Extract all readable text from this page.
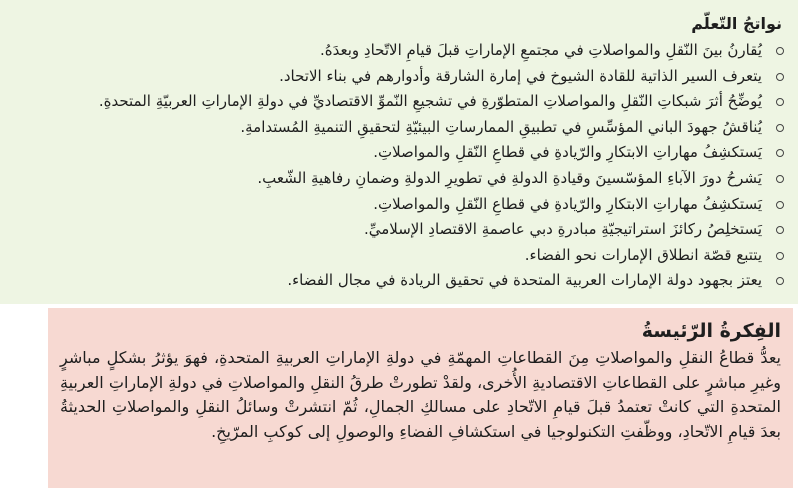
نواتجُ التّعلّم
يُقارنُ بينَ النّقلِ والمواصلاتِ في مجتمعِ الإماراتِ قبلَ قيامِ الاتّحادِ وبعدَهُ.
يتعرف السير الذاتية للقادة الشيوخ في إمارة الشارقة وأدوارهم في بناء الاتحاد.
يُوضِّحُ أثرَ شبكاتِ النّقلِ والمواصلاتِ المتطوّرةِ في تشجيعِ النّموِّ الاقتصاديِّ في دولةِ الإماراتِ العربيّةِ المتحدةِ.
يُناقشُ جهودَ الباني المؤسِّسِ في تطبيقِ الممارساتِ البيئيّةِ لتحقيقِ التنميةِ المُستدامةِ.
يَستكشِفُ مهاراتِ الابتكارِ والرّيادةِ في قطاعِ النّقلِ والمواصلاتِ.
يَشرحُ دورَ الآباءِ المؤسّسينَ وقيادةِ الدولةِ في تطويرِ الدولةِ وضمانِ رفاهيةِ الشّعبِ.
يَستكشِفُ مهاراتِ الابتكارِ والرّيادةِ في قطاعِ النّقلِ والمواصلاتِ.
يَستخلِصُ ركائزَ استراتيجيّةِ مبادرةِ دبي عاصمةِ الاقتصادِ الإسلاميِّ.
يتتبع قصّة انطلاق الإمارات نحو الفضاء.
يعتز بجهود دولة الإمارات العربية المتحدة في تحقيق الريادة في مجال الفضاء.
الفِكرةُ الرّئيسةُ

يعدُّ قطاعُ النقلِ والمواصلاتِ مِنَ القطاعاتِ المهمّةِ في دولةِ الإماراتِ العربيةِ المتحدةِ، فهوَ يؤثرُ بشكلٍ مباشرٍ وغيرِ مباشرٍ على القطاعاتِ الاقتصاديةِ الأُخرى، ولقدْ تطورتْ طرقُ النقلِ والمواصلاتِ في دولةِ الإماراتِ العربيةِ المتحدةِ التي كانتْ تعتمدُ قبلَ قيامِ الاتّحادِ على مسالكِ الجمالِ، ثُمّ انتشرتْ وسائلُ النقلِ والمواصلاتِ الحديثةُ بعدَ قيامِ الاتّحادِ، ووظّفتِ التكنولوجيا في استكشافِ الفضاءِ والوصولِ إلى كوكبِ المرّيخِ.
